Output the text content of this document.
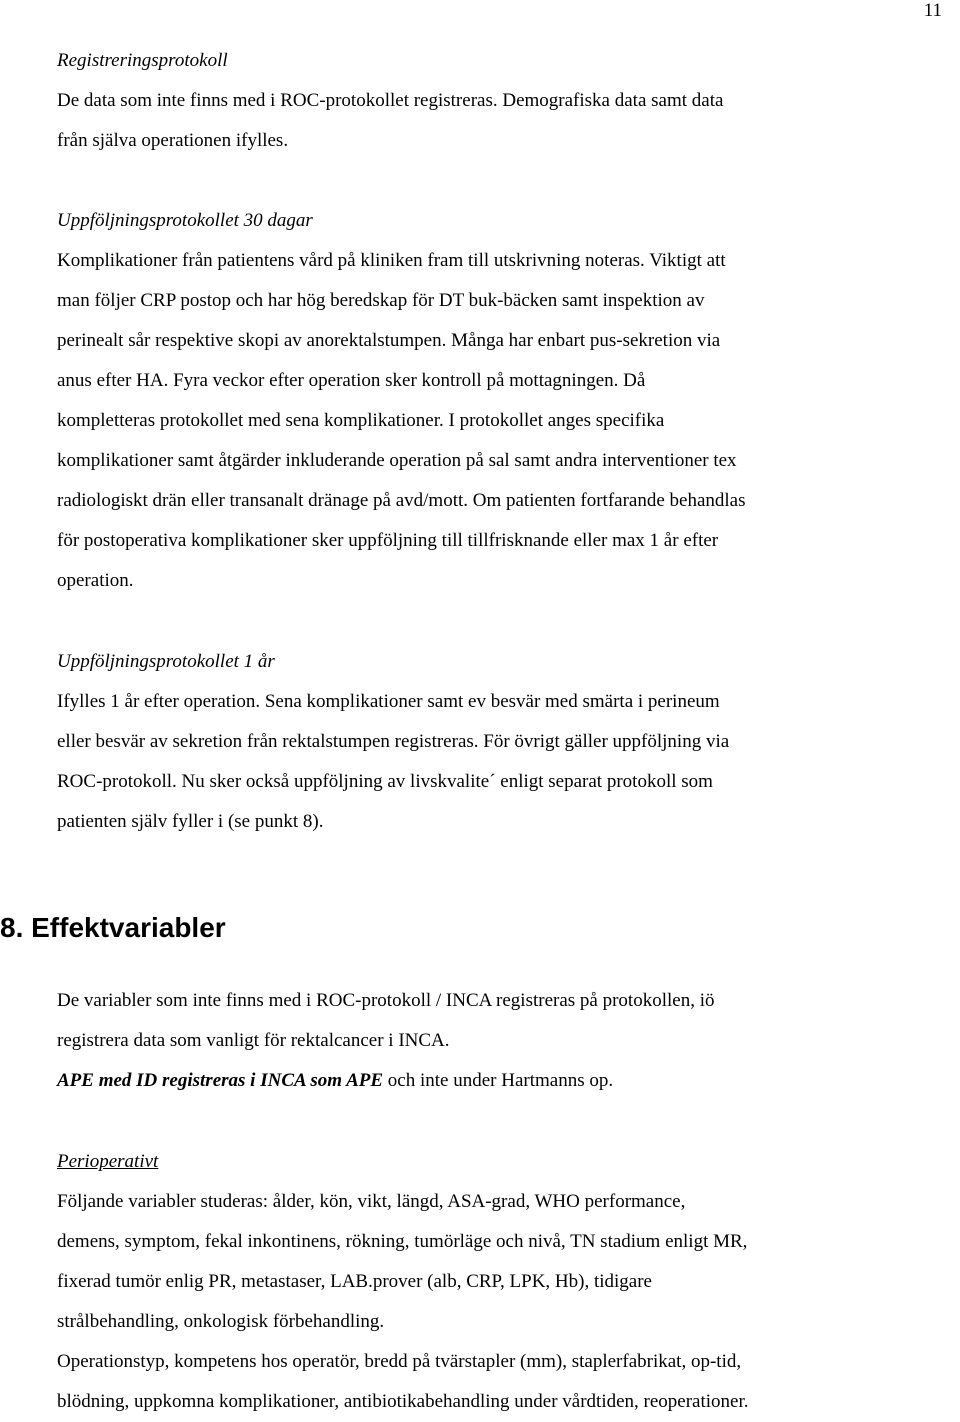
11
Registreringsprotokoll
De data som inte finns med i ROC-protokollet registreras. Demografiska data samt data
från själva operationen ifylles.
Uppföljningsprotokollet 30 dagar
Komplikationer från patientens vård på kliniken fram till utskrivning noteras. Viktigt att
man följer CRP postop och har hög beredskap för DT buk-bäcken samt inspektion av
perinealt sår respektive skopi av anorektalstumpen. Många har enbart pus-sekretion via
anus efter HA. Fyra veckor efter operation sker kontroll på mottagningen. Då
kompletteras protokollet med sena komplikationer. I protokollet anges specifika
komplikationer samt åtgärder inkluderande operation på sal samt andra interventioner tex
radiologiskt drän eller transanalt dränage på avd/mott. Om patienten fortfarande behandlas
för postoperativa komplikationer sker uppföljning till tillfrisknande eller max 1 år efter
operation.
Uppföljningsprotokollet 1 år
Ifylles 1 år efter operation. Sena komplikationer samt ev besvär med smärta i perineum
eller besvär av sekretion från rektalstumpen registreras. För övrigt gäller uppföljning via
ROC-protokoll. Nu sker också uppföljning av livskvalite´ enligt separat protokoll som
patienten själv fyller i (se punkt 8).
8. Effektvariabler
De variabler som inte finns med i ROC-protokoll / INCA registreras på protokollen, iö
registrera data som vanligt för rektalcancer i INCA.
APE med ID registreras i INCA som APE och inte under Hartmanns op.
Perioperativt
Följande variabler studeras: ålder, kön, vikt, längd, ASA-grad, WHO performance,
demens, symptom, fekal inkontinens, rökning, tumörläge och nivå, TN stadium enligt MR,
fixerad tumör enlig PR, metastaser, LAB.prover (alb, CRP, LPK, Hb), tidigare
strålbehandling, onkologisk förbehandling.
Operationstyp, kompetens hos operatör, bredd på tvärstapler (mm), staplerfabrikat, op-tid,
blödning, uppkomna komplikationer, antibiotikabehandling under vårdtiden, reoperationer.
